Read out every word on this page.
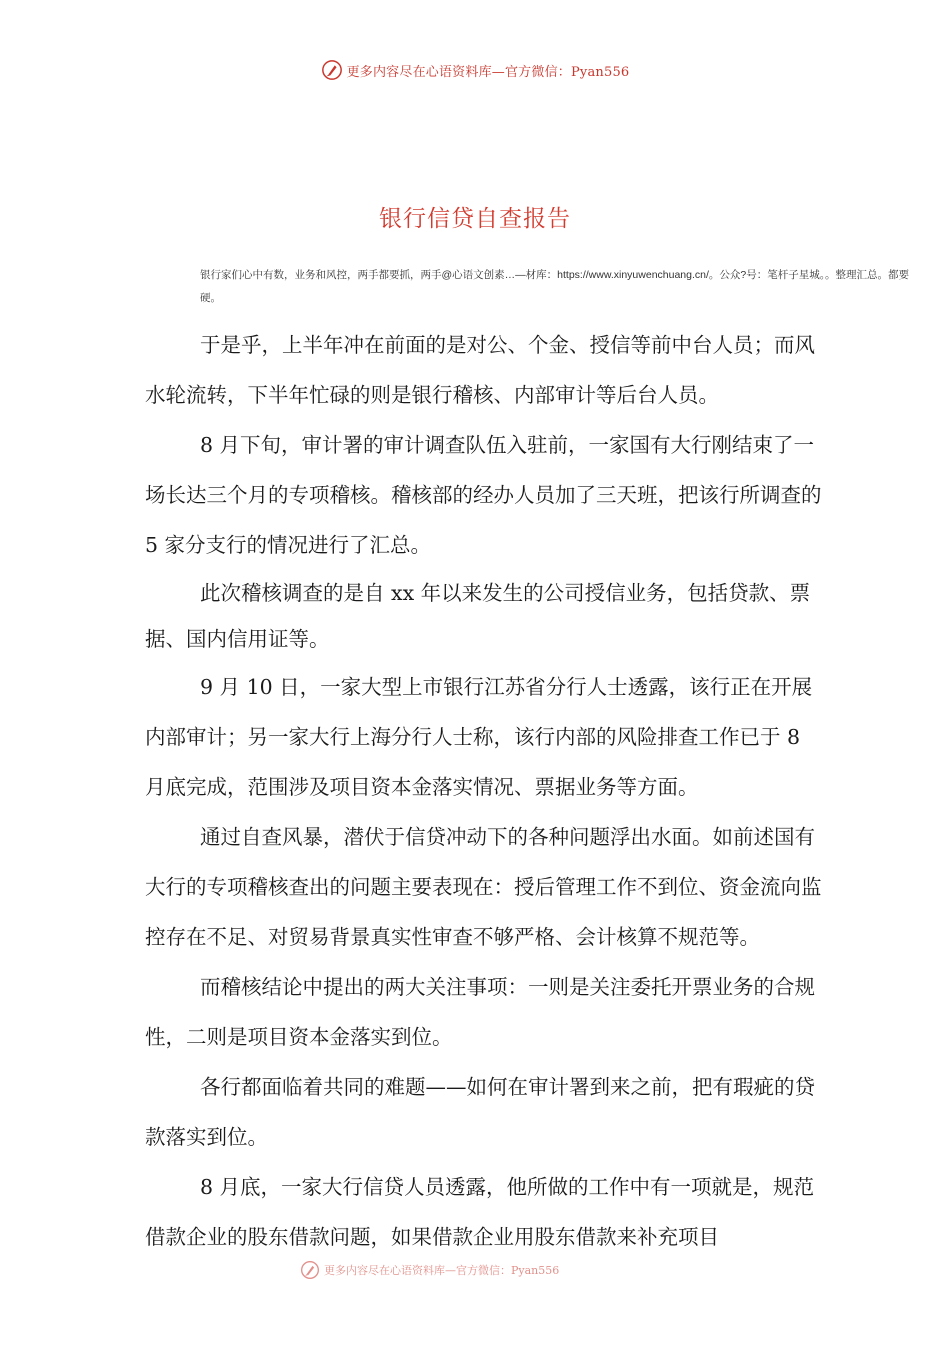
更多内容尽在心语资料库—官方微信：Pyan556
银行信贷自查报告
银行家们心中有数，业务和风控，两手都要抓，两手@心语文创素…—材库：https://www.xinyuwenchuang.cn/。公众?号：笔杆子星城。。整理汇总。都要硬。

于是乎，上半年冲在前面的是对公、个金、授信等前中台人员；而风水轮流转，下半年忙碌的则是银行稽核、内部审计等后台人员。

8 月下旬，审计署的审计调查队伍入驻前，一家国有大行刚结束了一场长达三个月的专项稽核。稽核部的经办人员加了三天班，把该行所调查的 5 家分支行的情况进行了汇总。

此次稽核调查的是自 xx 年以来发生的公司授信业务，包括贷款、票据、国内信用证等。

9 月 10 日，一家大型上市银行江苏省分行人士透露，该行正在开展内部审计；另一家大行上海分行人士称，该行内部的风险排查工作已于 8 月底完成，范围涉及项目资本金落实情况、票据业务等方面。

通过自查风暴，潜伏于信贷冲动下的各种问题浮出水面。如前述国有大行的专项稽核查出的问题主要表现在：授后管理工作不到位、资金流向监控存在不足、对贸易背景真实性审查不够严格、会计核算不规范等。

而稽核结论中提出的两大关注事项：一则是关注委托开票业务的合规性，二则是项目资本金落实到位。

各行都面临着共同的难题——如何在审计署到来之前，把有瑕疵的贷款落实到位。

8 月底，一家大行信贷人员透露，他所做的工作中有一项就是，规范借款企业的股东借款问题，如果借款企业用股东借款来补充项目

更多内容尽在心语资料库—官方微信：Pyan556
